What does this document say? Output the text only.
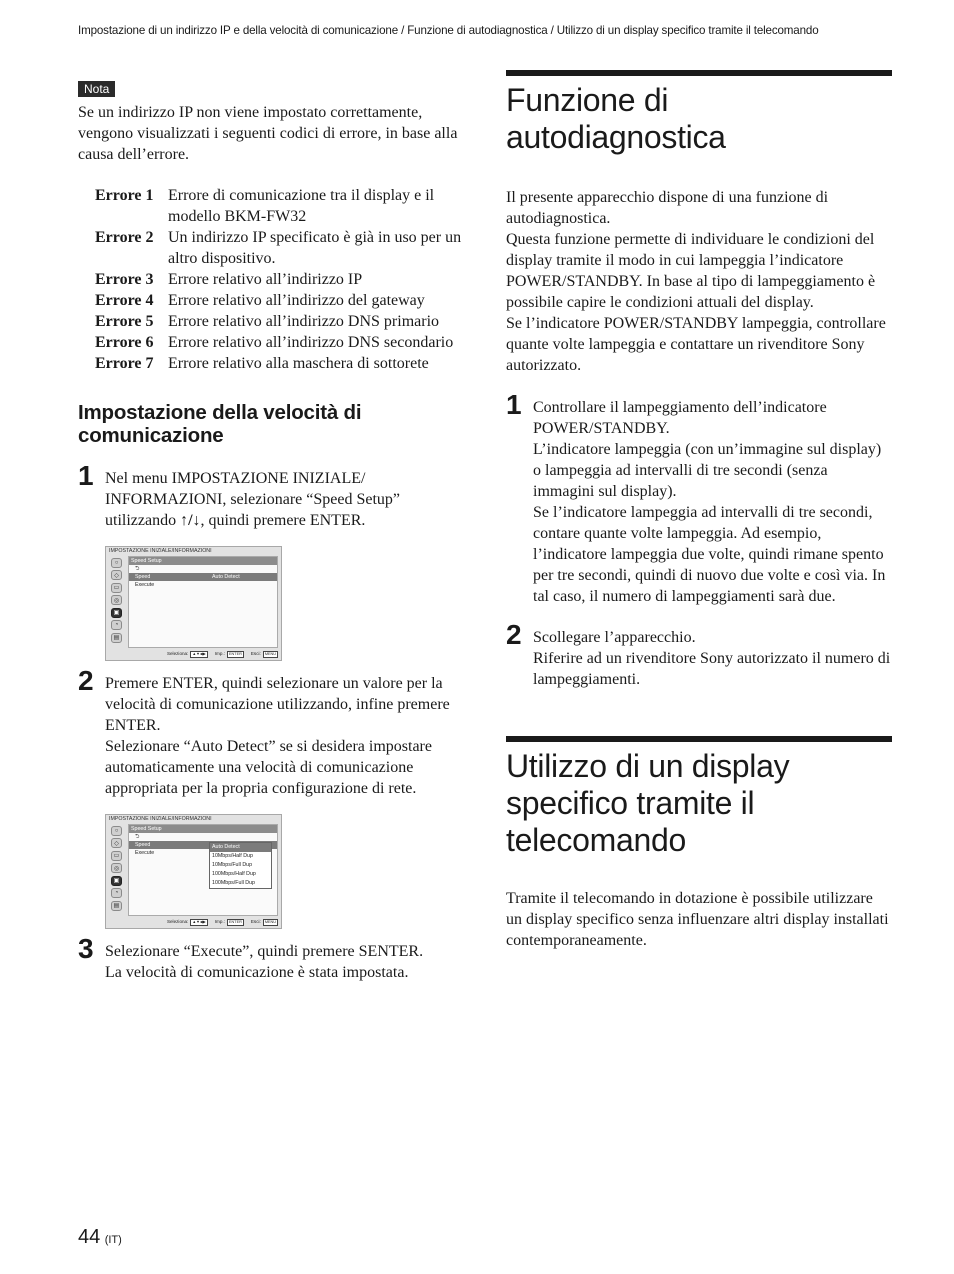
Impostazione di un indirizzo IP e della velocità di comunicazione / Funzione di autodiagnostica / Utilizzo di un display specifico tramite il telecomando
Nota

Se un indirizzo IP non viene impostato correttamente, vengono visualizzati i seguenti codici di errore, in base alla causa dell’errore.

Errore 1 Errore di comunicazione tra il display e il modello BKM-FW32
Errore 2 Un indirizzo IP specificato è già in uso per un altro dispositivo.
Errore 3 Errore relativo all’indirizzo IP
Errore 4 Errore relativo all’indirizzo del gateway
Errore 5 Errore relativo all’indirizzo DNS primario
Errore 6 Errore relativo all’indirizzo DNS secondario
Errore 7 Errore relativo alla maschera di sottorete
Impostazione della velocità di comunicazione
1 Nel menu IMPOSTAZIONE INIZIALE/ INFORMAZIONI, selezionare “Speed Setup” utilizzando ↑/↓, quindi premere ENTER.
IMPOSTAZIONE INIZIALE/INFORMAZIONI
○
◇
▭
◎
▣
◔
▤
Speed Setup
⮌
Speed	Auto Detect
Execute
Seleziona:	▲▼◀▶	Imp.:	ENTER	Esci:	MENU
2 Premere ENTER, quindi selezionare un valore per la velocità di comunicazione utilizzando, infine premere ENTER.
Selezionare “Auto Detect” se si desidera impostare automaticamente una velocità di comunicazione appropriata per la propria configurazione di rete.
IMPOSTAZIONE INIZIALE/INFORMAZIONI
○
◇
▭
◎
▣
◔
▤
Speed Setup
⮌
Speed
Execute
Auto Detect
10Mbps/Half Dup
10Mbps/Full Dup
100Mbps/Half Dup
100Mbps/Full Dup
Seleziona:	▲▼◀▶	Imp.:	ENTER	Esci:	MENU
3 Selezionare “Execute”, quindi premere SENTER.
La velocità di comunicazione è stata impostata.
Funzione di autodiagnostica

Il presente apparecchio dispone di una funzione di autodiagnostica.

Questa funzione permette di individuare le condizioni del display tramite il modo in cui lampeggia l’indicatore POWER/STANDBY. In base al tipo di lampeggiamento è possibile capire le condizioni attuali del display.

Se l’indicatore POWER/STANDBY lampeggia, controllare quante volte lampeggia e contattare un rivenditore Sony autorizzato.

1 Controllare il lampeggiamento dell’indicatore POWER/STANDBY.
L’indicatore lampeggia (con un’immagine sul display) o lampeggia ad intervalli di tre secondi (senza immagini sul display).
Se l’indicatore lampeggia ad intervalli di tre secondi, contare quante volte lampeggia. Ad esempio, l’indicatore lampeggia due volte, quindi rimane spento per tre secondi, quindi di nuovo due volte e così via. In tal caso, il numero di lampeggiamenti sarà due.
2 Scollegare l’apparecchio.
Riferire ad un rivenditore Sony autorizzato il numero di lampeggiamenti.
Utilizzo di un display specifico tramite il telecomando

Tramite il telecomando in dotazione è possibile utilizzare un display specifico senza influenzare altri display installati contemporaneamente.

44 (IT)
